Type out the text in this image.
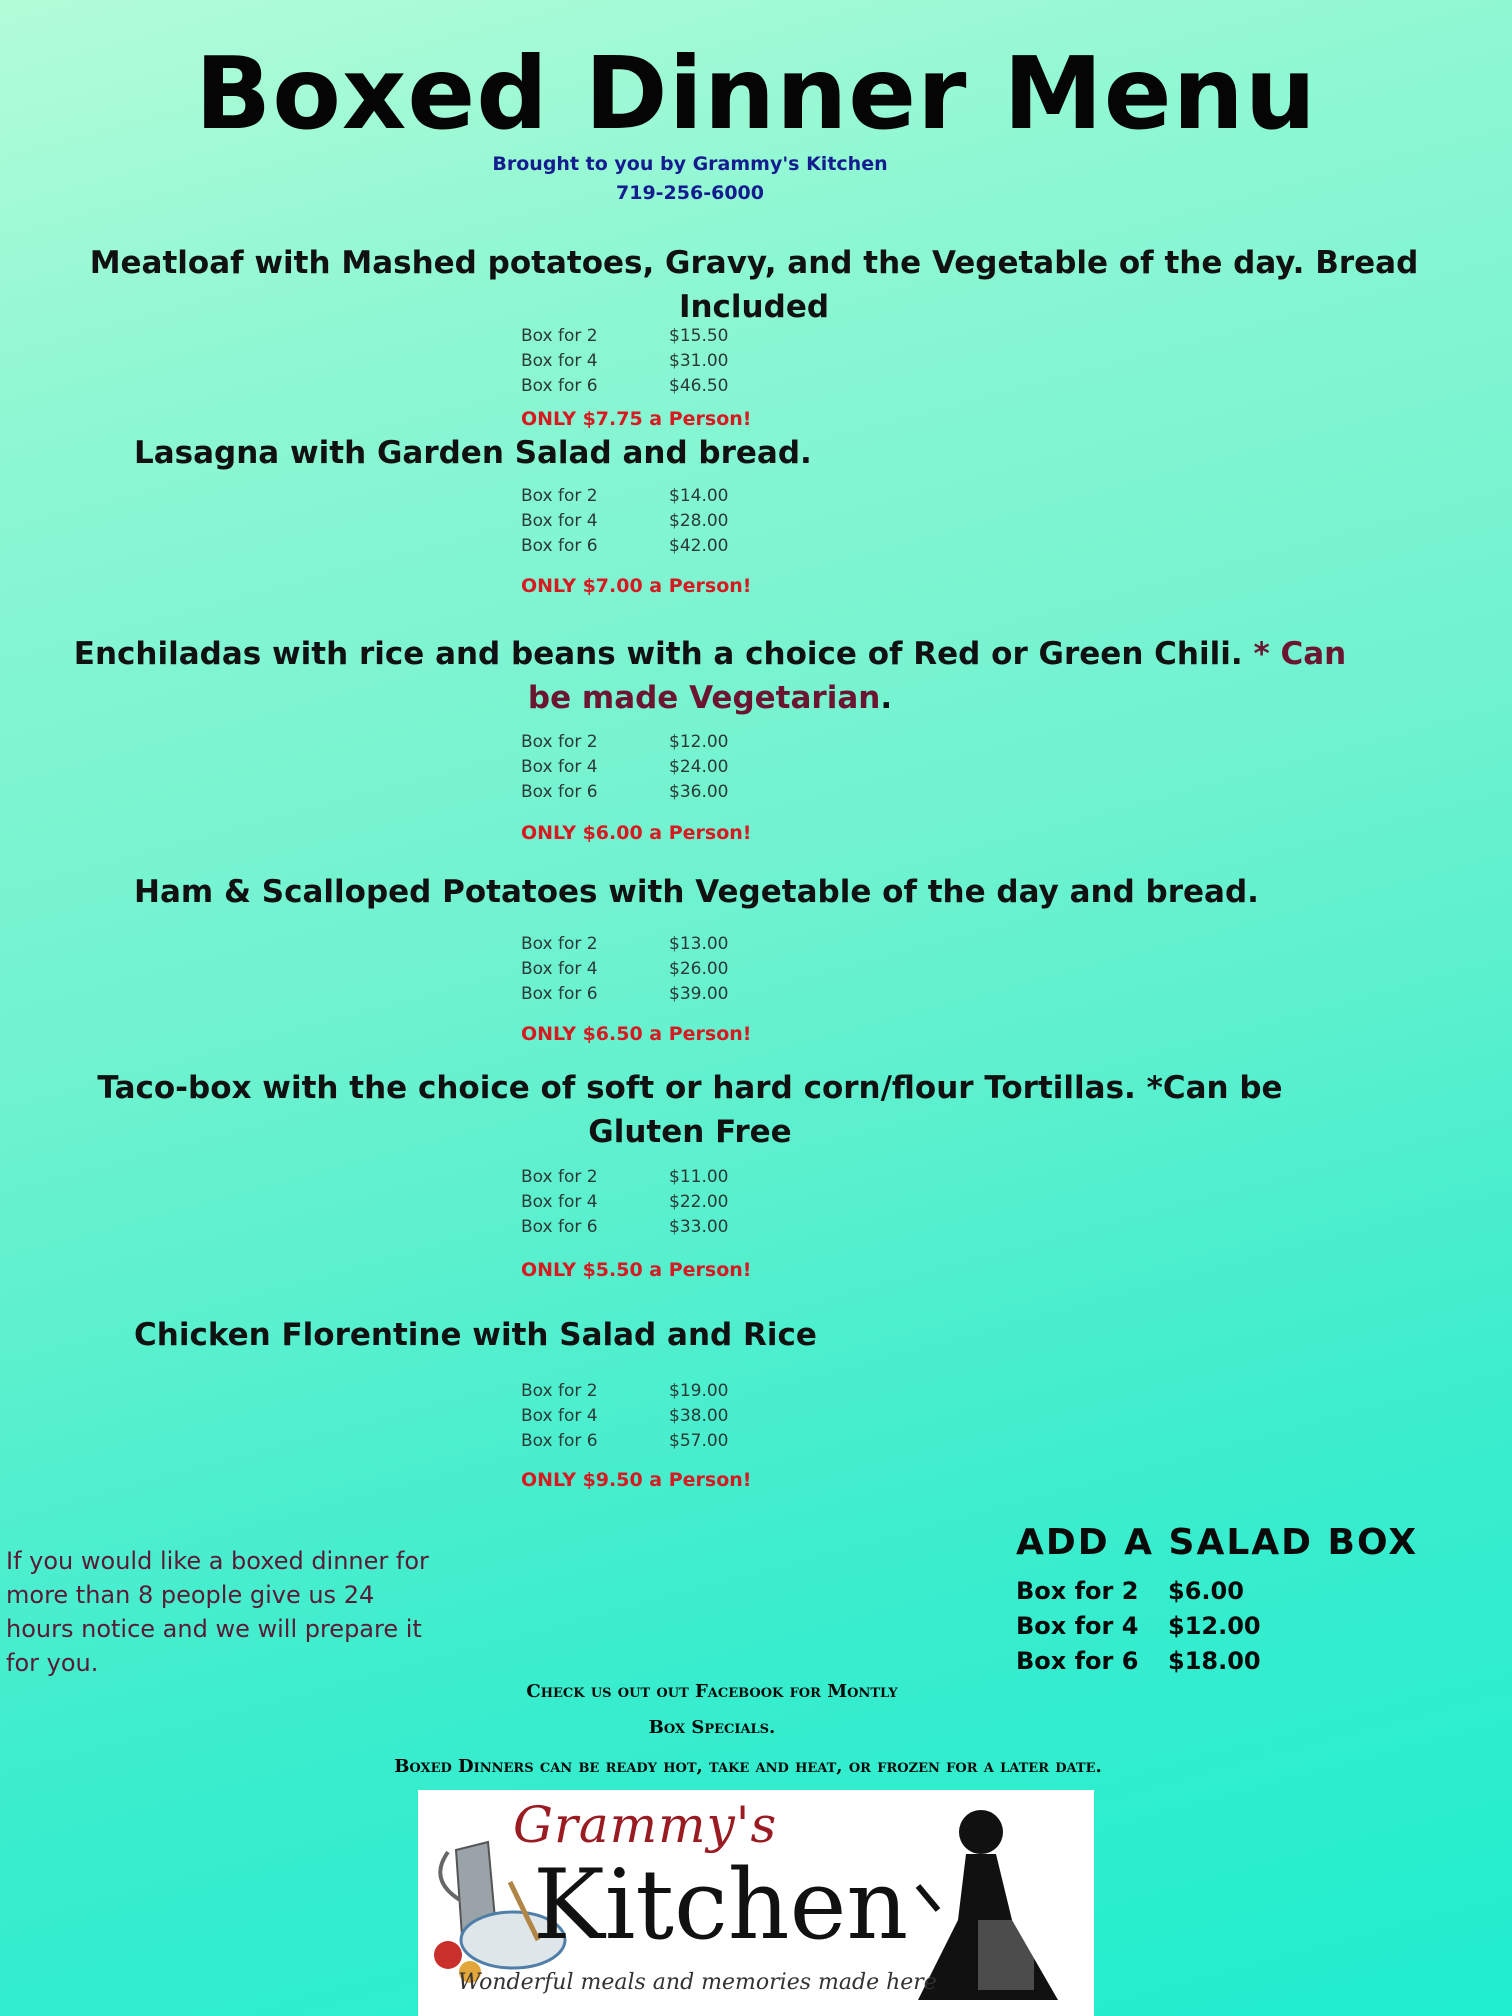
Boxed Dinner Menu
Brought to you by Grammy's Kitchen
719-256-6000
Meatloaf with Mashed potatoes, Gravy, and the Vegetable of the day. Bread
Included
Box for 2	$15.50
Box for 4	$31.00
Box for 6	$46.50
ONLY $7.75 a Person!
Lasagna with Garden Salad and bread.
Box for 2	$14.00
Box for 4	$28.00
Box for 6	$42.00
ONLY $7.00 a Person!
Enchiladas with rice and beans with a choice of Red or Green Chili. * Can
be made Vegetarian.
Box for 2	$12.00
Box for 4	$24.00
Box for 6	$36.00
ONLY $6.00 a Person!
Ham & Scalloped Potatoes with Vegetable of the day and bread.
Box for 2	$13.00
Box for 4	$26.00
Box for 6	$39.00
ONLY $6.50 a Person!
Taco-box with the choice of soft or hard corn/flour Tortillas. *Can be
Gluten Free
Box for 2	$11.00
Box for 4	$22.00
Box for 6	$33.00
ONLY $5.50 a Person!
Chicken Florentine with Salad and Rice
Box for 2	$19.00
Box for 4	$38.00
Box for 6	$57.00
ONLY $9.50 a Person!
If you would like a boxed dinner for more than 8 people give us 24 hours notice and we will prepare it for you.
ADD A SALAD BOX
Box for 2	$6.00
Box for 4	$12.00
Box for 6	$18.00
Check us out out Facebook for Montly
Box Specials.
Boxed Dinners can be ready hot, take and heat, or frozen for a later date.
Grammy's
Kitchen
Wonderful meals and memories made here
